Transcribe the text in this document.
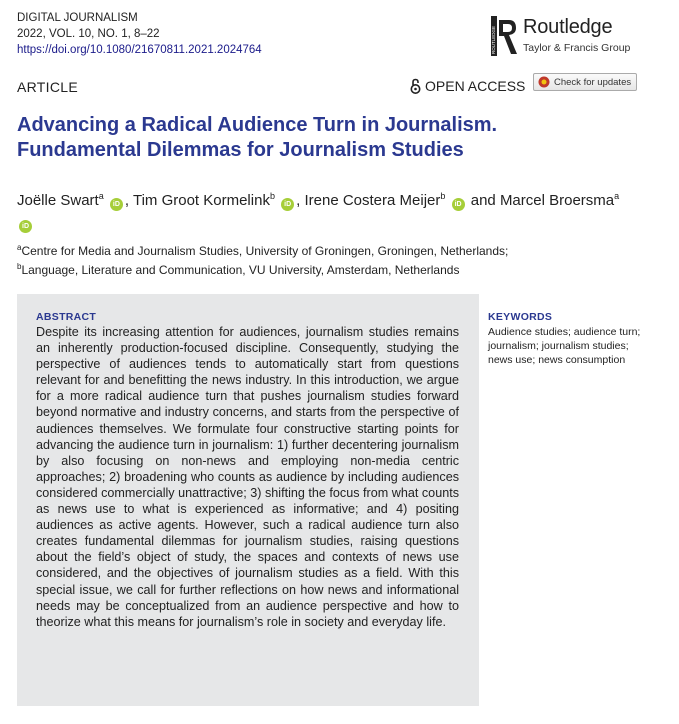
DIGITAL JOURNALISM
2022, VOL. 10, NO. 1, 8–22
https://doi.org/10.1080/21670811.2021.2024764	ROUTLEDGE Routledge
Taylor & Francis Group
ARTICLE	OPEN ACCESS	Check for updates
Advancing a Radical Audience Turn in Journalism.
Fundamental Dilemmas for Journalism Studies
Joëlle Swart$^a$ iD , Tim Groot Kormelink$^b$ iD , Irene Costera Meijer$^b$ iD and Marcel Broersma$^a$ iD
$^a$Centre for Media and Journalism Studies, University of Groningen, Groningen, Netherlands;
$^b$Language, Literature and Communication, VU University, Amsterdam, Netherlands
ABSTRACT
Despite its increasing attention for audiences, journalism studies remains an inherently production-focused discipline. Consequently, studying the perspective of audiences tends to automatically start from questions relevant for and benefitting the news industry. In this introduction, we argue for a more radical audience turn that pushes journalism studies forward beyond normative and industry concerns, and starts from the perspective of audiences themselves. We formulate four constructive starting points for advancing the audience turn in journalism: 1) further decentering journalism by also focusing on non-news and employing non-media centric approaches; 2) broadening who counts as audience by including audiences considered commercially unattractive; 3) shifting the focus from what counts as news use to what is experienced as informative; and 4) positing audiences as active agents. However, such a radical audience turn also creates fundamental dilemmas for journalism studies, raising questions about the field’s object of study, the spaces and contexts of news use considered, and the objectives of journalism studies as a field. With this special issue, we call for further reflections on how news and informational needs may be conceptualized from an audience perspective and how to theorize what this means for journalism’s role in society and everyday life.
KEYWORDS
Audience studies; audience turn; journalism; journalism studies; news use; news consumption
